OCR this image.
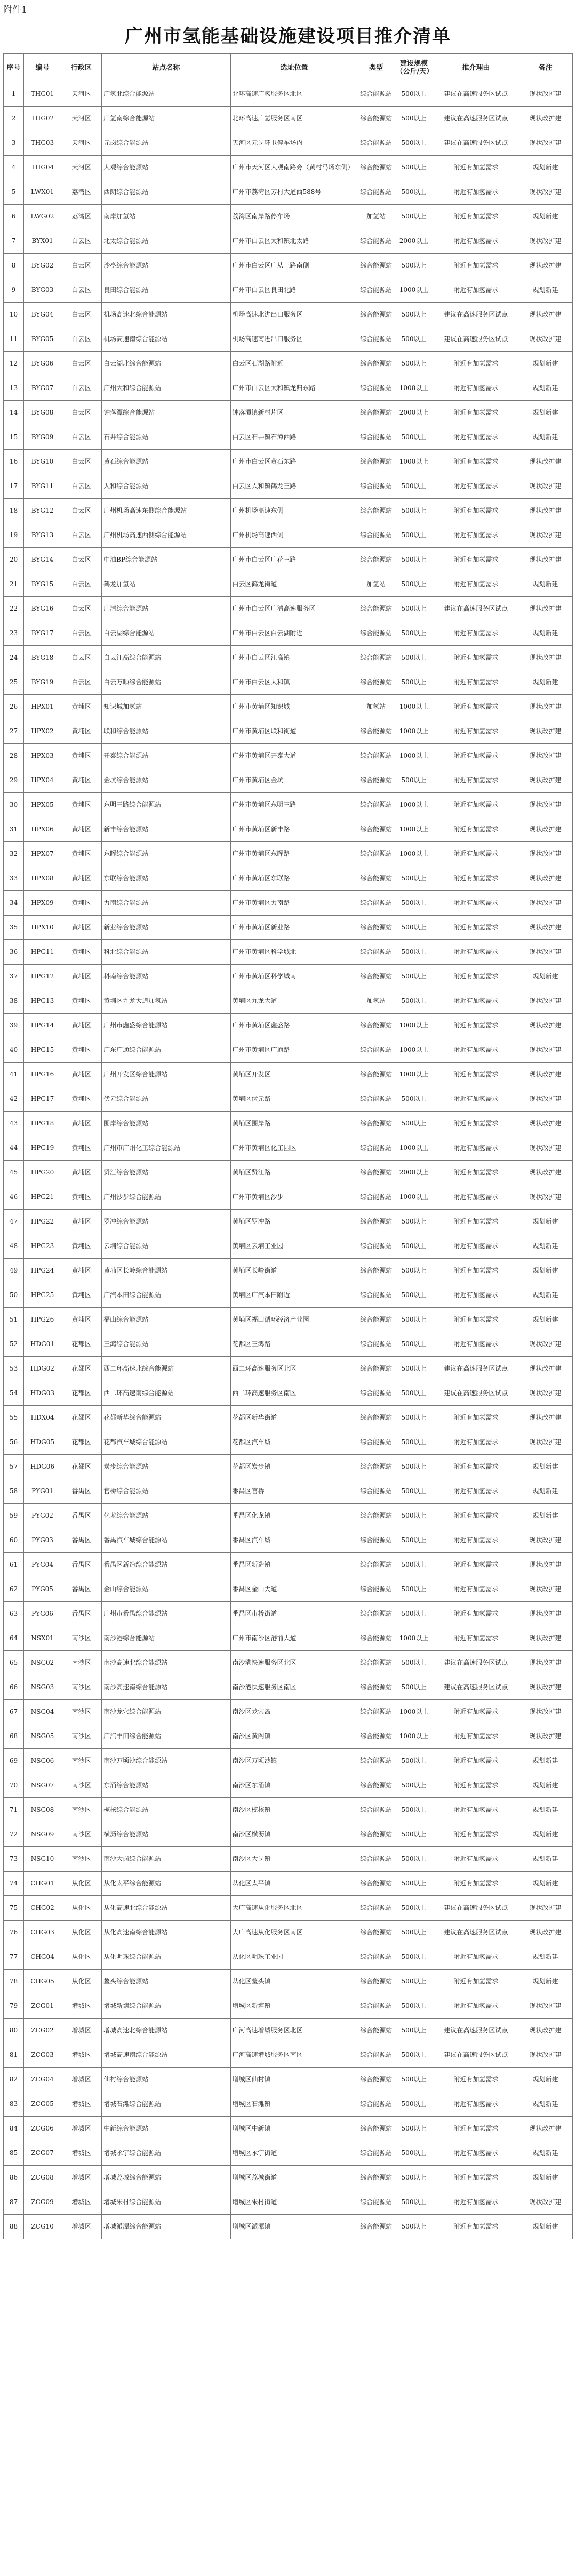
附件1
广州市氢能基础设施建设项目推介清单
序号	编号	行政区	站点名称	选址位置	类型	建设规模（公斤/天）	推介理由	备注
1	THG01	天河区	广氢北综合能源站	北环高速广氢服务区北区	综合能源站	500以上	建议在高速服务区试点	现状改扩建
2	THG02	天河区	广氢南综合能源站	北环高速广氢服务区南区	综合能源站	500以上	建议在高速服务区试点	现状改扩建
3	THG03	天河区	元岗综合能源站	天河区元岗环卫停车场内	综合能源站	500以上	建议在高速服务区试点	现状改扩建
4	THG04	天河区	大观综合能源站	广州市天河区大观南路旁（黄村马场东侧）	综合能源站	500以上	附近有加氢需求	规划新建
5	LWX01	荔湾区	西朗综合能源站	广州市荔湾区芳村大道西588号	综合能源站	500以上	附近有加氢需求	现状改扩建
6	LWG02	荔湾区	南岸加氢站	荔湾区南岸路停车场	加氢站	500以上	附近有加氢需求	规划新建
7	BYX01	白云区	北太综合能源站	广州市白云区太和镇北太路	综合能源站	2000以上	附近有加氢需求	现状改扩建
8	BYG02	白云区	沙亭综合能源站	广州市白云区广从三路南侧	综合能源站	500以上	附近有加氢需求	现状改扩建
9	BYG03	白云区	良田综合能源站	广州市白云区良田北路	综合能源站	1000以上	附近有加氢需求	规划新建
10	BYG04	白云区	机场高速北综合能源站	机场高速北进出口服务区	综合能源站	500以上	建议在高速服务区试点	现状改扩建
11	BYG05	白云区	机场高速南综合能源站	机场高速南进出口服务区	综合能源站	500以上	建议在高速服务区试点	现状改扩建
12	BYG06	白云区	白云湖北综合能源站	白云区石湖路附近	综合能源站	500以上	附近有加氢需求	规划新建
13	BYG07	白云区	广州大和综合能源站	广州市白云区太和镇龙归东路	综合能源站	1000以上	附近有加氢需求	规划新建
14	BYG08	白云区	钟落潭综合能源站	钟落潭镇新村片区	综合能源站	2000以上	附近有加氢需求	规划新建
15	BYG09	白云区	石井综合能源站	白云区石井镇石潭西路	综合能源站	500以上	附近有加氢需求	规划新建
16	BYG10	白云区	黄石综合能源站	广州市白云区黄石东路	综合能源站	1000以上	附近有加氢需求	现状改扩建
17	BYG11	白云区	人和综合能源站	白云区人和镇鹤龙三路	综合能源站	500以上	附近有加氢需求	现状改扩建
18	BYG12	白云区	广州机场高速东侧综合能源站	广州机场高速东侧	综合能源站	500以上	附近有加氢需求	现状改扩建
19	BYG13	白云区	广州机场高速西侧综合能源站	广州机场高速西侧	综合能源站	500以上	附近有加氢需求	现状改扩建
20	BYG14	白云区	中油BP综合能源站	广州市白云区广花三路	综合能源站	500以上	附近有加氢需求	现状改扩建
21	BYG15	白云区	鹤龙加氢站	白云区鹤龙街道	加氢站	500以上	附近有加氢需求	规划新建
22	BYG16	白云区	广清综合能源站	广州市白云区广清高速服务区	综合能源站	500以上	建议在高速服务区试点	现状改扩建
23	BYG17	白云区	白云湖综合能源站	广州市白云区白云湖附近	综合能源站	500以上	附近有加氢需求	规划新建
24	BYG18	白云区	白云江高综合能源站	广州市白云区江高镇	综合能源站	500以上	附近有加氢需求	现状改扩建
25	BYG19	白云区	白云万顺综合能源站	广州市白云区太和镇	综合能源站	500以上	附近有加氢需求	规划新建
26	HPX01	黄埔区	知识城加氢站	广州市黄埔区知识城	加氢站	1000以上	附近有加氢需求	现状改扩建
27	HPX02	黄埔区	联和综合能源站	广州市黄埔区联和街道	综合能源站	1000以上	附近有加氢需求	现状改扩建
28	HPX03	黄埔区	开泰综合能源站	广州市黄埔区开泰大道	综合能源站	1000以上	附近有加氢需求	现状改扩建
29	HPX04	黄埔区	金坑综合能源站	广州市黄埔区金坑	综合能源站	500以上	附近有加氢需求	现状改扩建
30	HPX05	黄埔区	东明三路综合能源站	广州市黄埔区东明三路	综合能源站	1000以上	附近有加氢需求	现状改扩建
31	HPX06	黄埔区	新丰综合能源站	广州市黄埔区新丰路	综合能源站	1000以上	附近有加氢需求	现状改扩建
32	HPX07	黄埔区	东晖综合能源站	广州市黄埔区东晖路	综合能源站	1000以上	附近有加氢需求	现状改扩建
33	HPX08	黄埔区	东联综合能源站	广州市黄埔区东联路	综合能源站	500以上	附近有加氢需求	现状改扩建
34	HPX09	黄埔区	力南综合能源站	广州市黄埔区力南路	综合能源站	500以上	附近有加氢需求	现状改扩建
35	HPX10	黄埔区	新业综合能源站	广州市黄埔区新业路	综合能源站	500以上	附近有加氢需求	现状改扩建
36	HPG11	黄埔区	科北综合能源站	广州市黄埔区科学城北	综合能源站	500以上	附近有加氢需求	现状改扩建
37	HPG12	黄埔区	科南综合能源站	广州市黄埔区科学城南	综合能源站	500以上	附近有加氢需求	规划新建
38	HPG13	黄埔区	黄埔区九龙大道加氢站	黄埔区九龙大道	加氢站	500以上	附近有加氢需求	现状改扩建
39	HPG14	黄埔区	广州市鑫盛综合能源站	广州市黄埔区鑫盛路	综合能源站	1000以上	附近有加氢需求	现状改扩建
40	HPG15	黄埔区	广东广通综合能源站	广州市黄埔区广通路	综合能源站	1000以上	附近有加氢需求	现状改扩建
41	HPG16	黄埔区	广州开发区综合能源站	黄埔区开发区	综合能源站	1000以上	附近有加氢需求	现状改扩建
42	HPG17	黄埔区	伏元综合能源站	黄埔区伏元路	综合能源站	500以上	附近有加氢需求	现状改扩建
43	HPG18	黄埔区	围岸综合能源站	黄埔区围岸路	综合能源站	500以上	附近有加氢需求	现状改扩建
44	HPG19	黄埔区	广州市广州化工综合能源站	广州市黄埔区化工园区	综合能源站	1000以上	附近有加氢需求	现状改扩建
45	HPG20	黄埔区	贤江综合能源站	黄埔区贤江路	综合能源站	2000以上	附近有加氢需求	现状改扩建
46	HPG21	黄埔区	广州沙步综合能源站	广州市黄埔区沙步	综合能源站	1000以上	附近有加氢需求	现状改扩建
47	HPG22	黄埔区	罗冲综合能源站	黄埔区罗冲路	综合能源站	500以上	附近有加氢需求	规划新建
48	HPG23	黄埔区	云埔综合能源站	黄埔区云埔工业园	综合能源站	500以上	附近有加氢需求	规划新建
49	HPG24	黄埔区	黄埔区长岭综合能源站	黄埔区长岭街道	综合能源站	500以上	附近有加氢需求	规划新建
50	HPG25	黄埔区	广汽本田综合能源站	黄埔区广汽本田附近	综合能源站	500以上	附近有加氢需求	规划新建
51	HPG26	黄埔区	福山综合能源站	黄埔区福山循环经济产业园	综合能源站	500以上	附近有加氢需求	规划新建
52	HDG01	花都区	三鸿综合能源站	花都区三鸿路	综合能源站	500以上	附近有加氢需求	现状改扩建
53	HDG02	花都区	西二环高速北综合能源站	西二环高速服务区北区	综合能源站	500以上	建议在高速服务区试点	现状改扩建
54	HDG03	花都区	西二环高速南综合能源站	西二环高速服务区南区	综合能源站	500以上	建议在高速服务区试点	现状改扩建
55	HDX04	花都区	花都新华综合能源站	花都区新华街道	综合能源站	500以上	附近有加氢需求	现状改扩建
56	HDG05	花都区	花都汽车城综合能源站	花都区汽车城	综合能源站	500以上	附近有加氢需求	现状改扩建
57	HDG06	花都区	炭步综合能源站	花都区炭步镇	综合能源站	500以上	附近有加氢需求	规划新建
58	PYG01	番禺区	官桥综合能源站	番禺区官桥	综合能源站	500以上	附近有加氢需求	规划新建
59	PYG02	番禺区	化龙综合能源站	番禺区化龙镇	综合能源站	500以上	附近有加氢需求	规划新建
60	PYG03	番禺区	番禺汽车城综合能源站	番禺区汽车城	综合能源站	500以上	附近有加氢需求	现状改扩建
61	PYG04	番禺区	番禺区新造综合能源站	番禺区新造镇	综合能源站	500以上	附近有加氢需求	现状改扩建
62	PYG05	番禺区	金山综合能源站	番禺区金山大道	综合能源站	500以上	附近有加氢需求	现状改扩建
63	PYG06	番禺区	广州市番禺综合能源站	番禺区市桥街道	综合能源站	500以上	附近有加氢需求	现状改扩建
64	NSX01	南沙区	南沙港综合能源站	广州市南沙区港前大道	综合能源站	1000以上	附近有加氢需求	现状改扩建
65	NSG02	南沙区	南沙高速北综合能源站	南沙港快速服务区北区	综合能源站	500以上	建议在高速服务区试点	现状改扩建
66	NSG03	南沙区	南沙高速南综合能源站	南沙港快速服务区南区	综合能源站	500以上	建议在高速服务区试点	现状改扩建
67	NSG04	南沙区	南沙龙穴综合能源站	南沙区龙穴岛	综合能源站	1000以上	附近有加氢需求	现状改扩建
68	NSG05	南沙区	广汽丰田综合能源站	南沙区黄阁镇	综合能源站	1000以上	附近有加氢需求	现状改扩建
69	NSG06	南沙区	南沙万顷沙综合能源站	南沙区万顷沙镇	综合能源站	500以上	附近有加氢需求	规划新建
70	NSG07	南沙区	东涌综合能源站	南沙区东涌镇	综合能源站	500以上	附近有加氢需求	规划新建
71	NSG08	南沙区	榄核综合能源站	南沙区榄核镇	综合能源站	500以上	附近有加氢需求	规划新建
72	NSG09	南沙区	横沥综合能源站	南沙区横沥镇	综合能源站	500以上	附近有加氢需求	规划新建
73	NSG10	南沙区	南沙大岗综合能源站	南沙区大岗镇	综合能源站	500以上	附近有加氢需求	规划新建
74	CHG01	从化区	从化太平综合能源站	从化区太平镇	综合能源站	500以上	附近有加氢需求	规划新建
75	CHG02	从化区	从化高速北综合能源站	大广高速从化服务区北区	综合能源站	500以上	建议在高速服务区试点	现状改扩建
76	CHG03	从化区	从化高速南综合能源站	大广高速从化服务区南区	综合能源站	500以上	建议在高速服务区试点	现状改扩建
77	CHG04	从化区	从化明珠综合能源站	从化区明珠工业园	综合能源站	500以上	附近有加氢需求	规划新建
78	CHG05	从化区	鳌头综合能源站	从化区鳌头镇	综合能源站	500以上	附近有加氢需求	规划新建
79	ZCG01	增城区	增城新塘综合能源站	增城区新塘镇	综合能源站	500以上	附近有加氢需求	现状改扩建
80	ZCG02	增城区	增城高速北综合能源站	广河高速增城服务区北区	综合能源站	500以上	建议在高速服务区试点	现状改扩建
81	ZCG03	增城区	增城高速南综合能源站	广河高速增城服务区南区	综合能源站	500以上	建议在高速服务区试点	现状改扩建
82	ZCG04	增城区	仙村综合能源站	增城区仙村镇	综合能源站	500以上	附近有加氢需求	规划新建
83	ZCG05	增城区	增城石滩综合能源站	增城区石滩镇	综合能源站	500以上	附近有加氢需求	规划新建
84	ZCG06	增城区	中新综合能源站	增城区中新镇	综合能源站	500以上	附近有加氢需求	现状改扩建
85	ZCG07	增城区	增城永宁综合能源站	增城区永宁街道	综合能源站	500以上	附近有加氢需求	规划新建
86	ZCG08	增城区	增城荔城综合能源站	增城区荔城街道	综合能源站	500以上	附近有加氢需求	规划新建
87	ZCG09	增城区	增城朱村综合能源站	增城区朱村街道	综合能源站	500以上	附近有加氢需求	现状改扩建
88	ZCG10	增城区	增城派潭综合能源站	增城区派潭镇	综合能源站	500以上	附近有加氢需求	规划新建
